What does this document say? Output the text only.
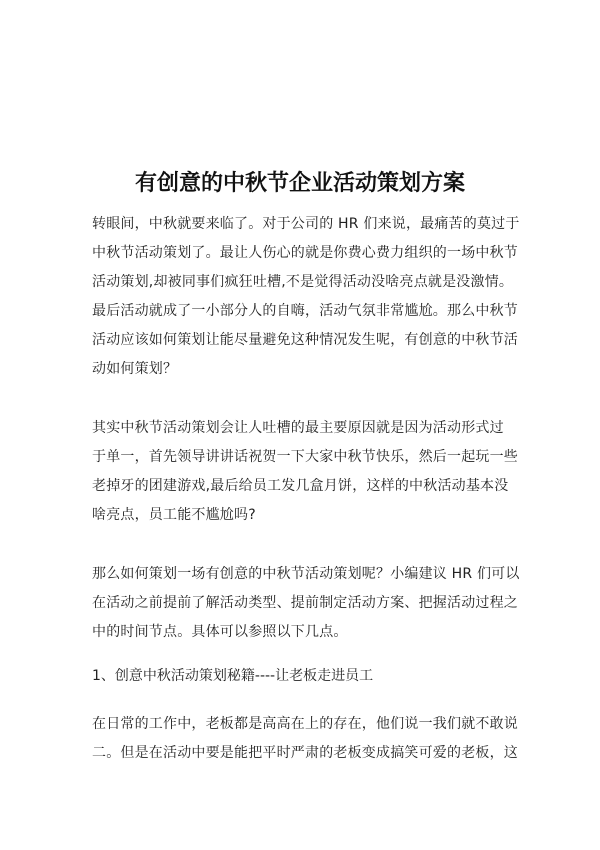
有创意的中秋节企业活动策划方案
转眼间，中秋就要来临了。对于公司的 HR 们来说，最痛苦的莫过于
中秋节活动策划了。最让人伤心的就是你费心费力组织的一场中秋节
活动策划,却被同事们疯狂吐槽,不是觉得活动没啥亮点就是没激情。
最后活动就成了一小部分人的自嗨，活动气氛非常尴尬。那么中秋节
活动应该如何策划让能尽量避免这种情况发生呢，有创意的中秋节活
动如何策划？
其实中秋节活动策划会让人吐槽的最主要原因就是因为活动形式过
于单一，首先领导讲讲话祝贺一下大家中秋节快乐，然后一起玩一些
老掉牙的团建游戏,最后给员工发几盒月饼，这样的中秋活动基本没
啥亮点，员工能不尴尬吗?
那么如何策划一场有创意的中秋节活动策划呢？小编建议 HR 们可以
在活动之前提前了解活动类型、提前制定活动方案、把握活动过程之
中的时间节点。具体可以参照以下几点。
1、创意中秋活动策划秘籍----让老板走进员工
在日常的工作中，老板都是高高在上的存在，他们说一我们就不敢说
二。但是在活动中要是能把平时严肃的老板变成搞笑可爱的老板，这
